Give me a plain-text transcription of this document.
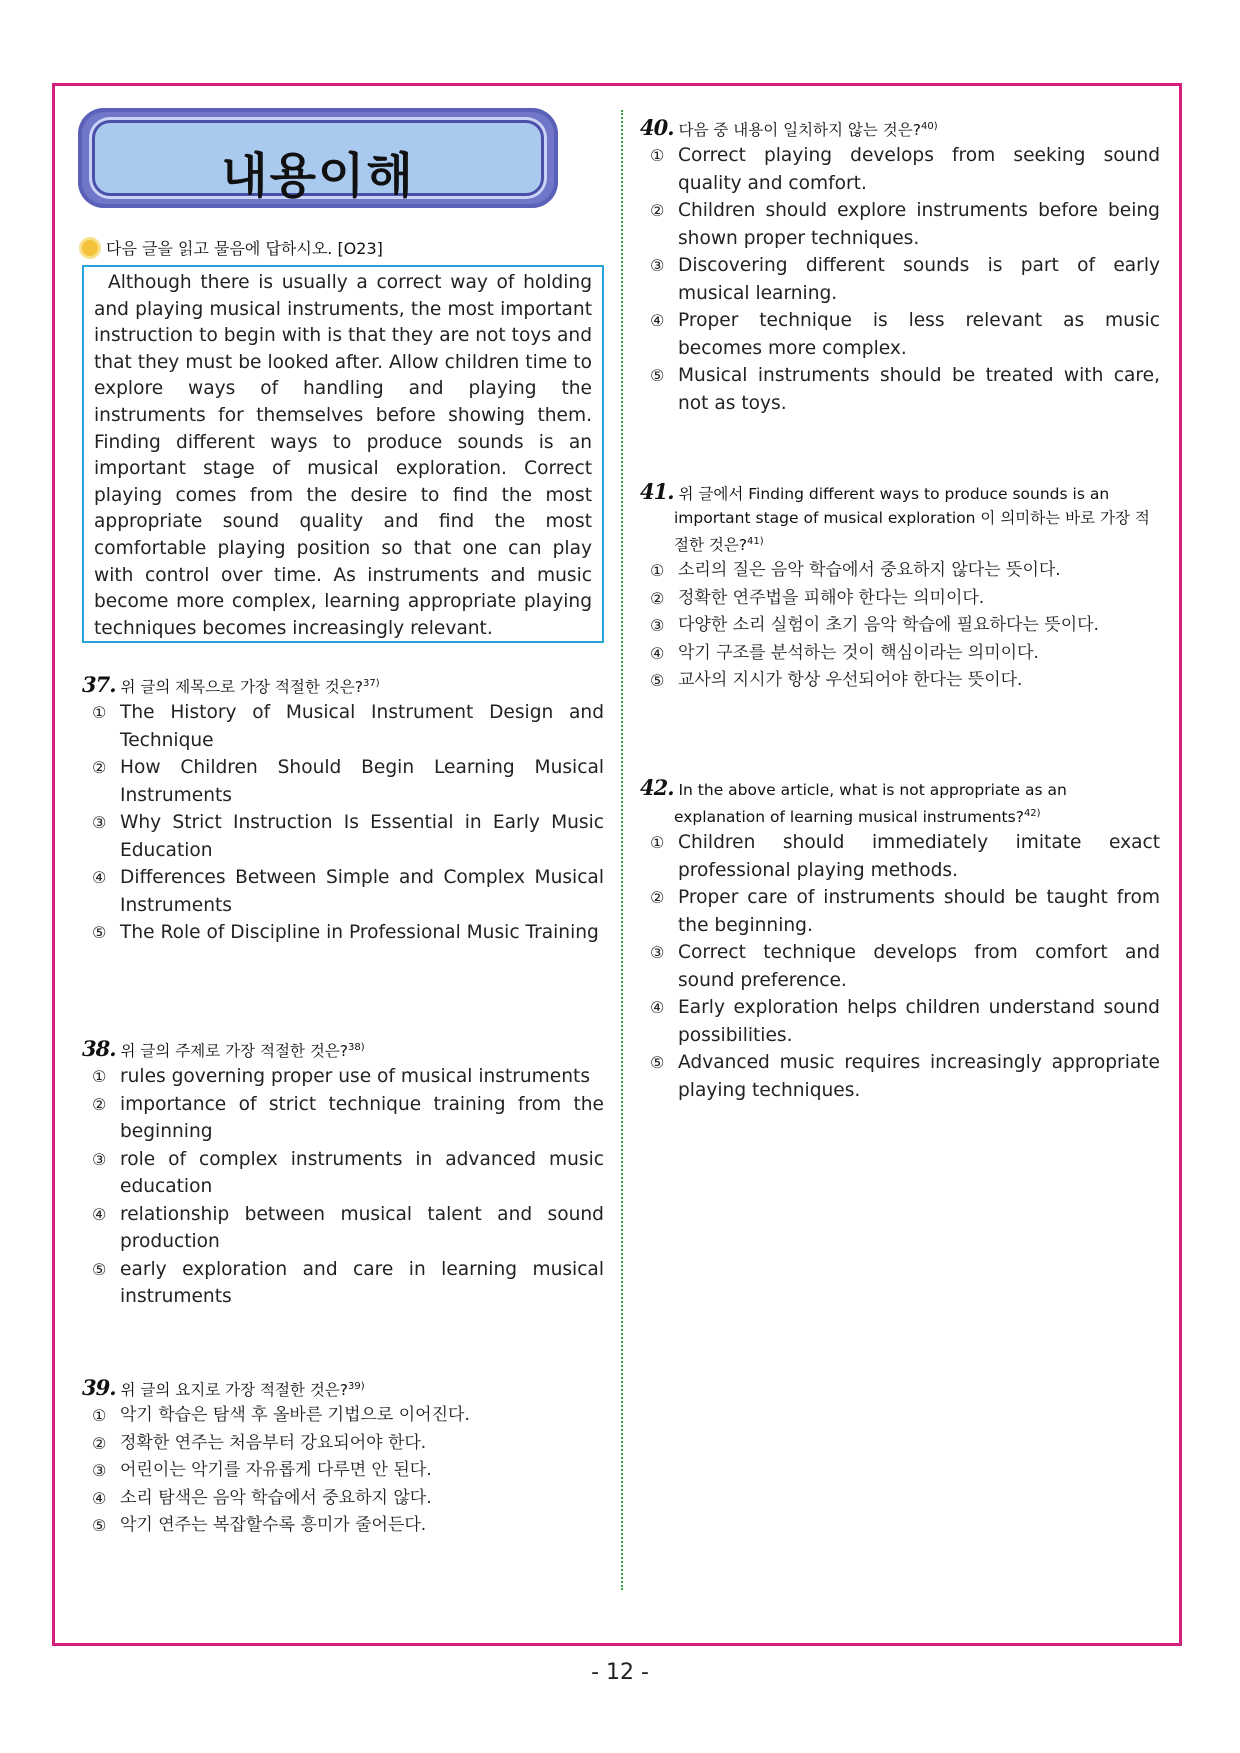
내용이해
다음 글을 읽고 물음에 답하시오. [O23]
Although there is usually a correct way of holding and playing musical instruments, the most important instruction to begin with is that they are not toys and that they must be looked after. Allow children time to explore ways of handling and playing the instruments for themselves before showing them. Finding different ways to produce sounds is an important stage of musical exploration. Correct playing comes from the desire to find the most appropriate sound quality and find the most comfortable playing position so that one can play with control over time. As instruments and music become more complex, learning appropriate playing techniques becomes increasingly relevant.
37. 위 글의 제목으로 가장 적절한 것은?$^{37)}$
① The History of Musical Instrument Design and Technique
② How Children Should Begin Learning Musical Instruments
③ Why Strict Instruction Is Essential in Early Music Education
④ Differences Between Simple and Complex Musical Instruments
⑤ The Role of Discipline in Professional Music Training
38. 위 글의 주제로 가장 적절한 것은?$^{38)}$
① rules governing proper use of musical instruments
② importance of strict technique training from the beginning
③ role of complex instruments in advanced music education
④ relationship between musical talent and sound production
⑤ early exploration and care in learning musical instruments
39. 위 글의 요지로 가장 적절한 것은?$^{39)}$
① 악기 학습은 탐색 후 올바른 기법으로 이어진다.
② 정확한 연주는 처음부터 강요되어야 한다.
③ 어린이는 악기를 자유롭게 다루면 안 된다.
④ 소리 탐색은 음악 학습에서 중요하지 않다.
⑤ 악기 연주는 복잡할수록 흥미가 줄어든다.
40. 다음 중 내용이 일치하지 않는 것은?$^{40)}$
① Correct playing develops from seeking sound quality and comfort.
② Children should explore instruments before being shown proper techniques.
③ Discovering different sounds is part of early musical learning.
④ Proper technique is less relevant as music becomes more complex.
⑤ Musical instruments should be treated with care, not as toys.
41. 위 글에서 Finding different ways to produce sounds is an important stage of musical exploration 이 의미하는 바로 가장 적절한 것은?$^{41)}$
① 소리의 질은 음악 학습에서 중요하지 않다는 뜻이다.
② 정확한 연주법을 피해야 한다는 의미이다.
③ 다양한 소리 실험이 초기 음악 학습에 필요하다는 뜻이다.
④ 악기 구조를 분석하는 것이 핵심이라는 의미이다.
⑤ 교사의 지시가 항상 우선되어야 한다는 뜻이다.
42. In the above article, what is not appropriate as an explanation of learning musical instruments?$^{42)}$
① Children should immediately imitate exact professional playing methods.
② Proper care of instruments should be taught from the beginning.
③ Correct technique develops from comfort and sound preference.
④ Early exploration helps children understand sound possibilities.
⑤ Advanced music requires increasingly appropriate playing techniques.
- 12 -
